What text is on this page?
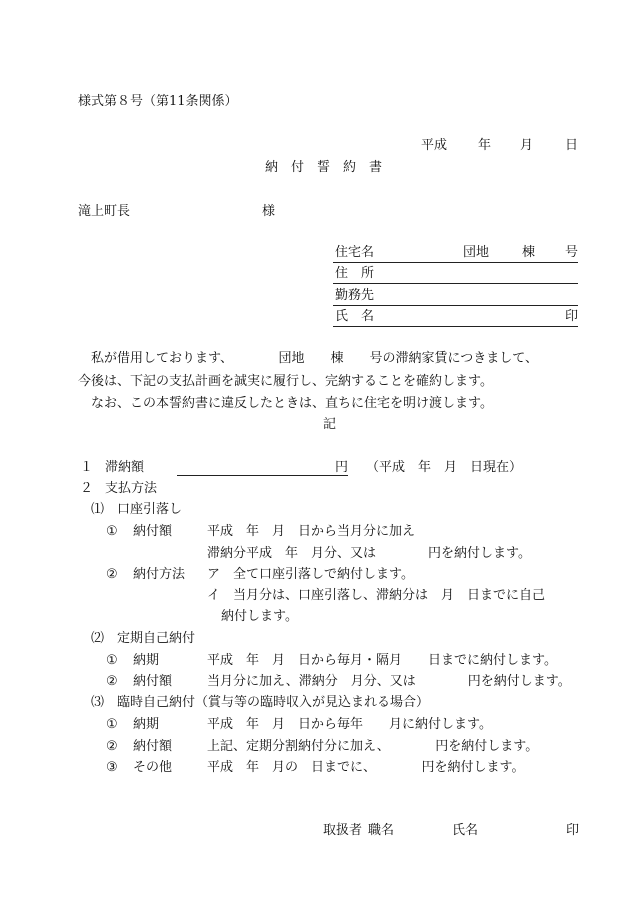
様式第８号（第11条関係）
平成 年 月 日
納　付　誓　約　書
滝上町長	様
住宅名	団地	棟 号
住　所
勤務先
氏　名	印
私が借用しております、　　　　団地　　棟　　号の滞納家賃につきまして、
今後は、下記の支払計画を誠実に履行し、完納することを確約します。
なお、この本誓約書に違反したときは、直ちに住宅を明け渡します。
記
１ 滞納額	円 （平成　年　月　日現在）
２ 支払方法
⑴　口座引落し
① 納付額	平成　年　月　日から当月分に加え
滞納分平成　年　月分、又は　　　　円を納付します。
② 納付方法 ア　全て口座引落しで納付します。
イ　当月分は、口座引落し、滞納分は　月　日までに自己
納付します。
⑵　定期自己納付
① 納期	平成　年　月　日から毎月・隔月　　日までに納付します。
② 納付額	当月分に加え、滞納分　月分、又は　　　　円を納付します。
⑶　臨時自己納付（賞与等の臨時収入が見込まれる場合）
① 納期	平成　年　月　日から毎年　　月に納付します。
② 納付額	上記、定期分割納付分に加え、　　　　円を納付します。
③ その他	平成　年　月の　日までに、　　　　円を納付します。
取扱者 職名	氏名	印
